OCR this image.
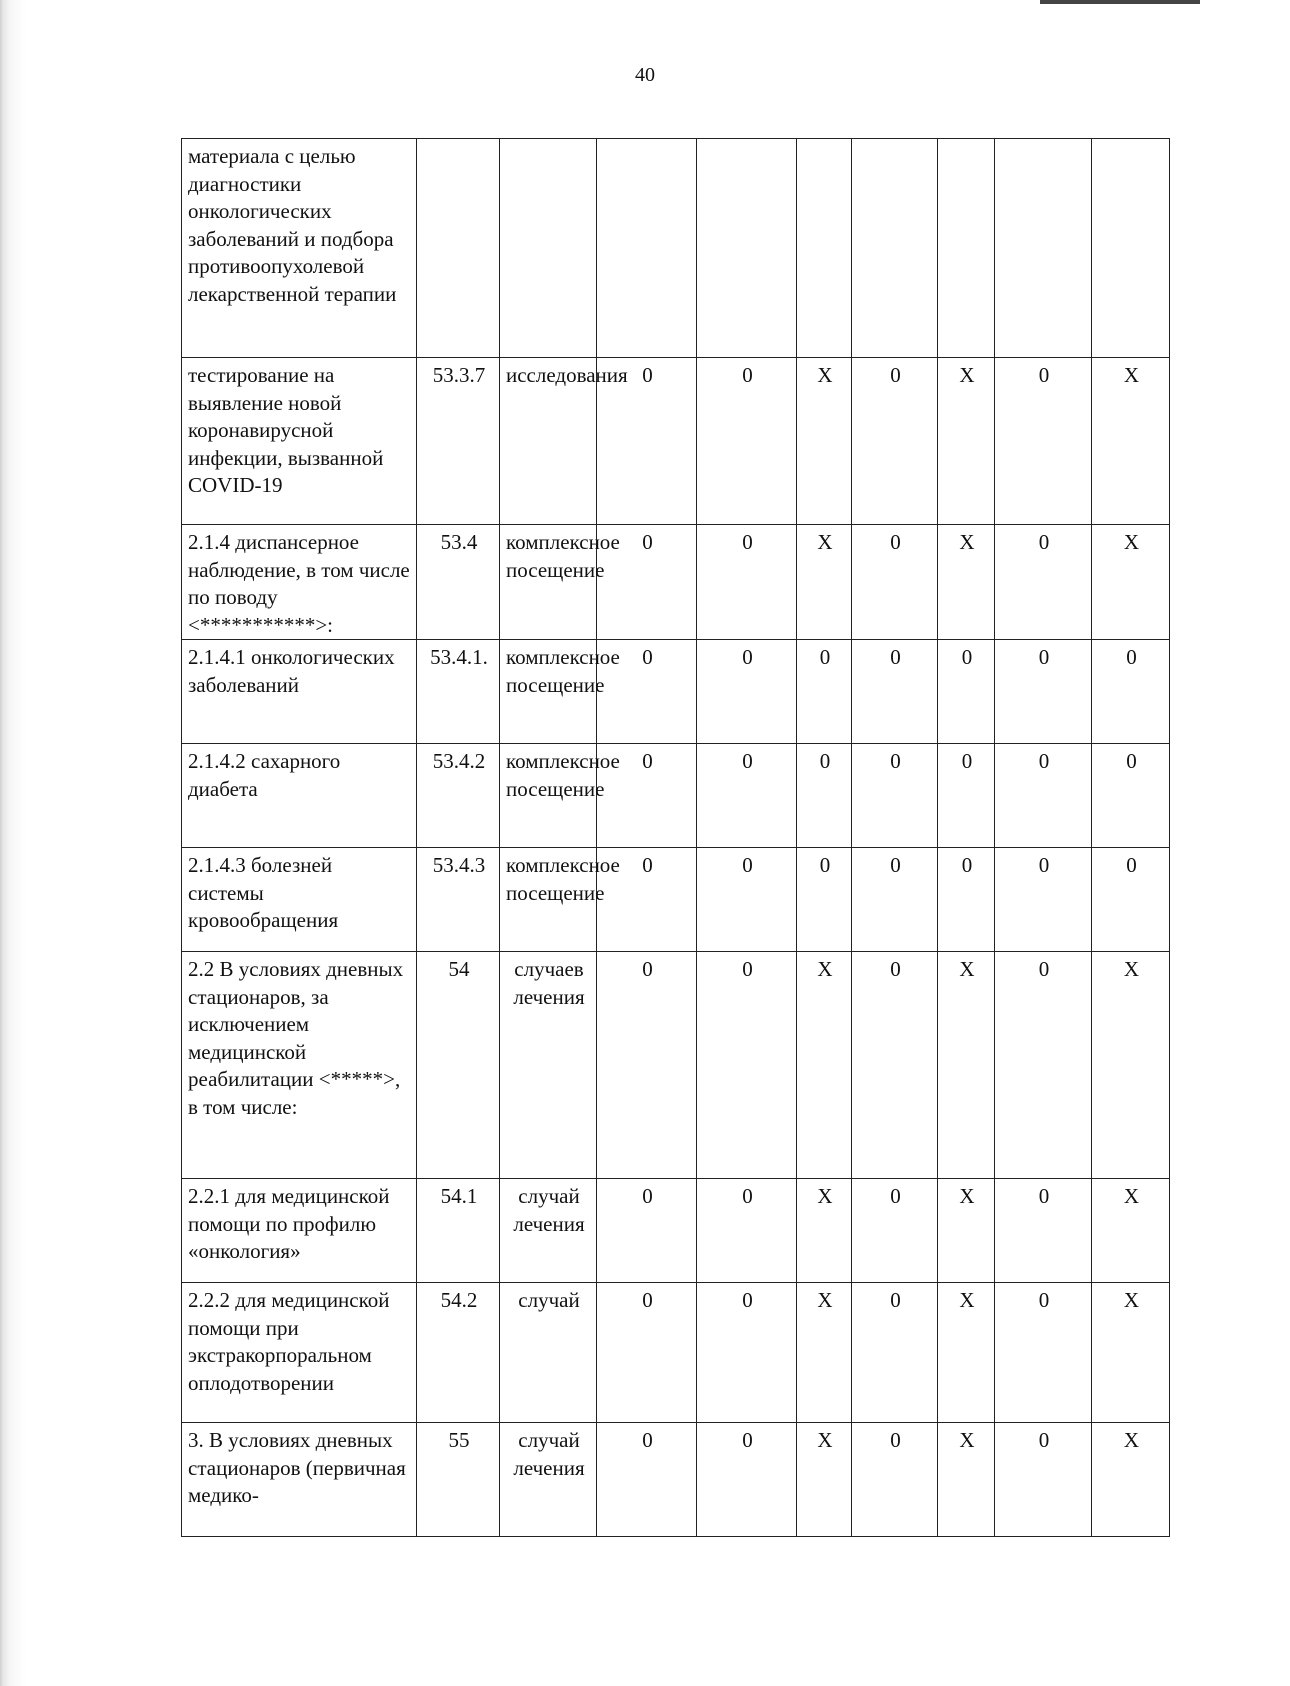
40
материала с целью диагностики онкологических заболеваний и подбора противоопухолевой лекарственной терапии									
тестирование на выявление новой коронавирусной инфекции, вызванной COVID-19	53.3.7	исследования	0	0	X	0	X	0	X
2.1.4 диспансерное наблюдение, в том числе по поводу <***********>:	53.4	комплексное посещение	0	0	X	0	X	0	X
2.1.4.1 онкологических заболеваний	53.4.1.	комплексное посещение	0	0	0	0	0	0	0
2.1.4.2 сахарного диабета	53.4.2	комплексное посещение	0	0	0	0	0	0	0
2.1.4.3 болезней системы кровообращения	53.4.3	комплексное посещение	0	0	0	0	0	0	0
2.2 В условиях дневных стационаров, за исключением медицинской реабилитации <*****>, в том числе:	54	случаев лечения	0	0	X	0	X	0	X
2.2.1 для медицинской помощи по профилю «онкология»	54.1	случай лечения	0	0	X	0	X	0	X
2.2.2 для медицинской помощи при экстракорпоральном оплодотворении	54.2	случай	0	0	X	0	X	0	X
3. В условиях дневных стационаров (первичная медико-	55	случай лечения	0	0	X	0	X	0	X
